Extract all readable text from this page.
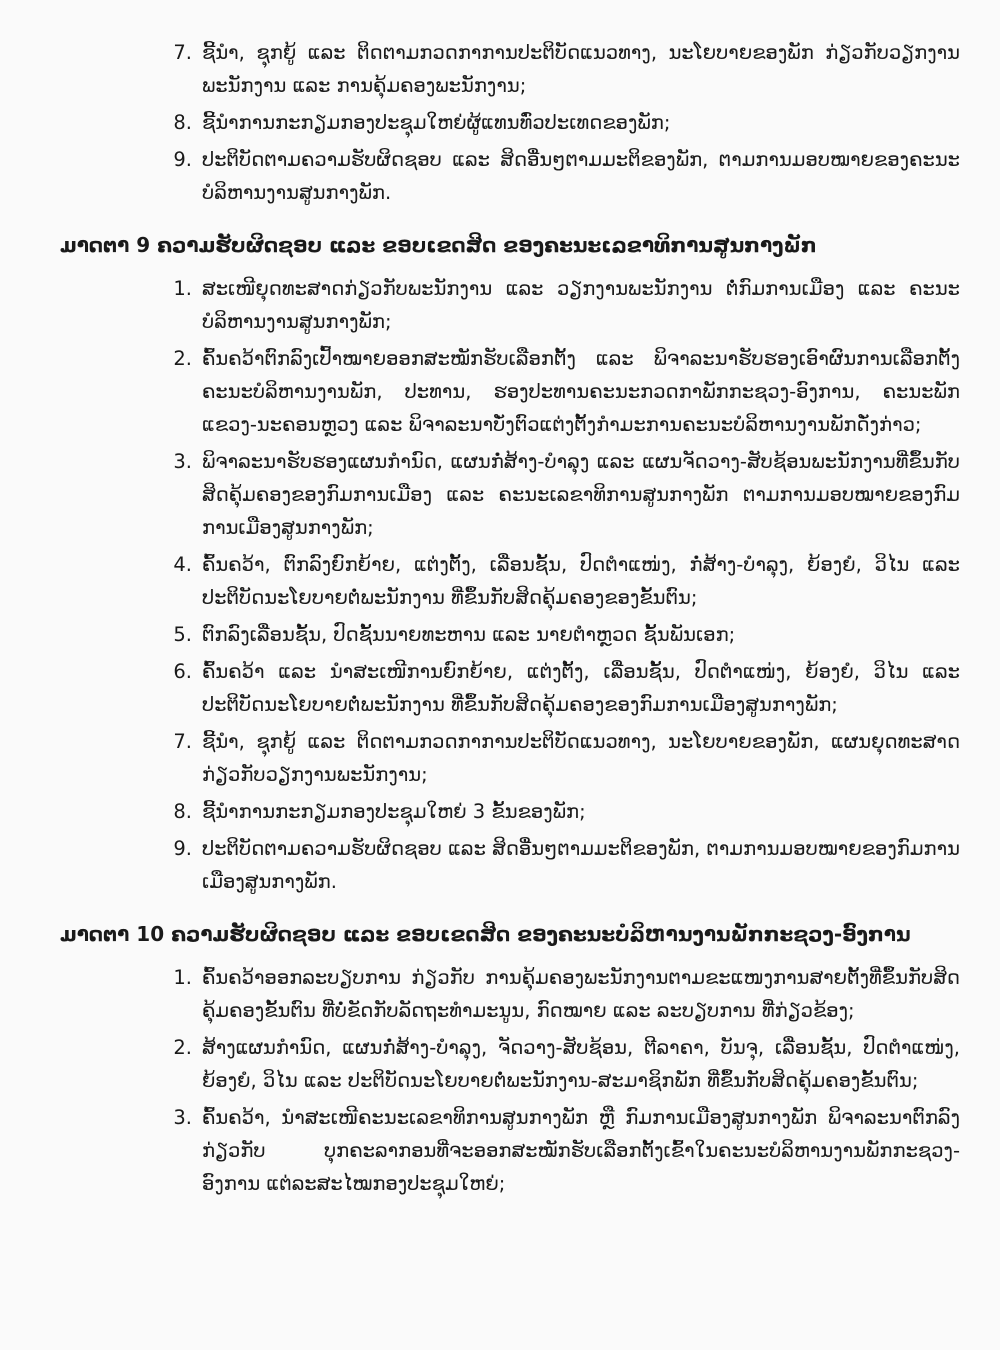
7. ຊີ້ນຳ, ຊຸກຍູ້ ແລະ ຕິດຕາມກວດກາການປະຕິບັດແນວທາງ, ນະໂຍບາຍຂອງພັກ ກ່ຽວກັບວຽກງານພະນັກງານ ແລະ ການຄຸ້ມຄອງພະນັກງານ;
8. ຊີ້ນຳການກະກຽມກອງປະຊຸມໃຫຍ່ຜູ້ແທນທົ່ວປະເທດຂອງພັກ;
9. ປະຕິບັດຕາມຄວາມຮັບຜິດຊອບ ແລະ ສິດອື່ນໆຕາມມະຕິຂອງພັກ, ຕາມການມອບໝາຍຂອງຄະນະບໍລິຫານງານສູນກາງພັກ.
ມາດຕາ 9 ຄວາມຮັບຜິດຊອບ ແລະ ຂອບເຂດສິດ ຂອງຄະນະເລຂາທິການສູນກາງພັກ
1. ສະເໜີຍຸດທະສາດກ່ຽວກັບພະນັກງານ ແລະ ວຽກງານພະນັກງານ ຕໍ່ກົມການເມືອງ ແລະ ຄະນະບໍລິຫານງານສູນກາງພັກ;
2. ຄົ້ນຄວ້າຕົກລົງເປົ້າໝາຍອອກສະໝັກຮັບເລືອກຕັ້ງ ແລະ ພິຈາລະນາຮັບຮອງເອົາຜົນການເລືອກຕັ້ງຄະນະບໍລິຫານງານພັກ, ປະທານ, ຮອງປະທານຄະນະກວດກາພັກກະຊວງ-ອົງການ, ຄະນະພັກແຂວງ-ນະຄອນຫຼວງ ແລະ ພິຈາລະນາບັ່ງຕົວແຕ່ງຕັ້ງກຳມະການຄະນະບໍລິຫານງານພັກດັ່ງກ່າວ;
3. ພິຈາລະນາຮັບຮອງແຜນກຳນົດ, ແຜນກໍ່ສ້າງ-ບຳລຸງ ແລະ ແຜນຈັດວາງ-ສັບຊ້ອນພະນັກງານທີ່ຂຶ້ນກັບສິດຄຸ້ມຄອງຂອງກົມການເມືອງ ແລະ ຄະນະເລຂາທິການສູນກາງພັກ ຕາມການມອບໝາຍຂອງກົມການເມືອງສູນກາງພັກ;
4. ຄົ້ນຄວ້າ, ຕົກລົງຍົກຍ້າຍ, ແຕ່ງຕັ້ງ, ເລື່ອນຊັ້ນ, ປົດຕຳແໜ່ງ, ກໍ່ສ້າງ-ບຳລຸງ, ຍ້ອງຍໍ, ວິໄນ ແລະ ປະຕິບັດນະໂຍບາຍຕໍ່ພະນັກງານ ທີ່ຂຶ້ນກັບສິດຄຸ້ມຄອງຂອງຂັ້ນຕົນ;
5. ຕົກລົງເລື່ອນຊັ້ນ, ປົດຊັ້ນນາຍທະຫານ ແລະ ນາຍຕຳຫຼວດ ຊັ້ນພັນເອກ;
6. ຄົ້ນຄວ້າ ແລະ ນຳສະເໜີການຍົກຍ້າຍ, ແຕ່ງຕັ້ງ, ເລື່ອນຊັ້ນ, ປົດຕຳແໜ່ງ, ຍ້ອງຍໍ, ວິໄນ ແລະ ປະຕິບັດນະໂຍບາຍຕໍ່ພະນັກງານ ທີ່ຂຶ້ນກັບສິດຄຸ້ມຄອງຂອງກົມການເມືອງສູນກາງພັກ;
7. ຊີ້ນຳ, ຊຸກຍູ້ ແລະ ຕິດຕາມກວດກາການປະຕິບັດແນວທາງ, ນະໂຍບາຍຂອງພັກ, ແຜນຍຸດທະສາດກ່ຽວກັບວຽກງານພະນັກງານ;
8. ຊີ້ນຳການກະກຽມກອງປະຊຸມໃຫຍ່ 3 ຂັ້ນຂອງພັກ;
9. ປະຕິບັດຕາມຄວາມຮັບຜິດຊອບ ແລະ ສິດອື່ນໆຕາມມະຕິຂອງພັກ, ຕາມການມອບໝາຍຂອງກົມການເມືອງສູນກາງພັກ.
ມາດຕາ 10 ຄວາມຮັບຜິດຊອບ ແລະ ຂອບເຂດສິດ ຂອງຄະນະບໍລິຫານງານພັກກະຊວງ-ອົງການ
1. ຄົ້ນຄວ້າອອກລະບຽບການ ກ່ຽວກັບ ການຄຸ້ມຄອງພະນັກງານຕາມຂະແໜງການສາຍຕັ້ງທີ່ຂຶ້ນກັບສິດຄຸ້ມຄອງຂັ້ນຕົນ ທີ່ບໍ່ຂັດກັບລັດຖະທຳມະນູນ, ກົດໝາຍ ແລະ ລະບຽບການ ທີ່ກ່ຽວຂ້ອງ;
2. ສ້າງແຜນກຳນົດ, ແຜນກໍ່ສ້າງ-ບຳລຸງ, ຈັດວາງ-ສັບຊ້ອນ, ຕີລາຄາ, ບັນຈຸ, ເລື່ອນຊັ້ນ, ປົດຕຳແໜ່ງ, ຍ້ອງຍໍ, ວິໄນ ແລະ ປະຕິບັດນະໂຍບາຍຕໍ່ພະນັກງານ-ສະມາຊິກພັກ ທີ່ຂຶ້ນກັບສິດຄຸ້ມຄອງຂັ້ນຕົນ;
3. ຄົ້ນຄວ້າ, ນຳສະເໜີຄະນະເລຂາທິການສູນກາງພັກ ຫຼື ກົມການເມືອງສູນກາງພັກ ພິຈາລະນາຕົກລົງ ກ່ຽວກັບ ບຸກຄະລາກອນທີ່ຈະອອກສະໝັກຮັບເລືອກຕັ້ງເຂົ້າໃນຄະນະບໍລິຫານງານພັກກະຊວງ-ອົງການ ແຕ່ລະສະໄໝກອງປະຊຸມໃຫຍ່;
